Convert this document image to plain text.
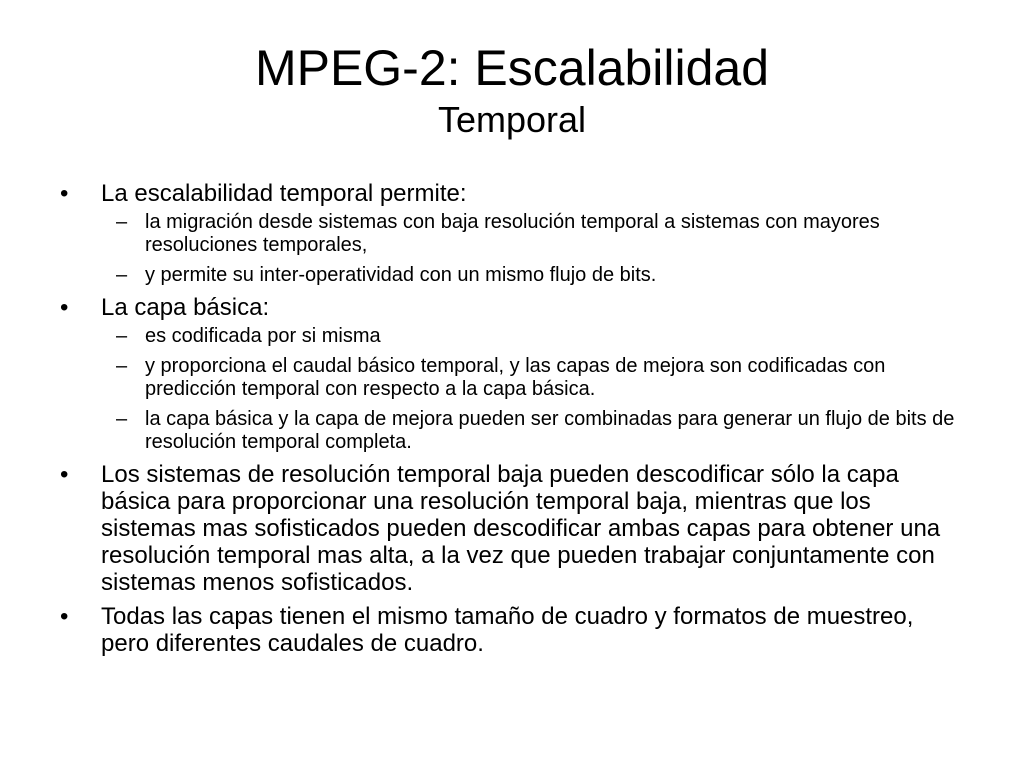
MPEG-2: Escalabilidad
Temporal
• La escalabilidad temporal permite:
– la migración desde sistemas con baja resolución temporal a sistemas con mayores resoluciones temporales,
– y permite su inter-operatividad con un mismo flujo de bits.
• La capa básica:
– es codificada por si misma
– y proporciona el caudal básico temporal, y las capas de mejora son codificadas con predicción temporal con respecto a la capa básica.
– la capa básica y la capa de mejora pueden ser combinadas para generar un flujo de bits de resolución temporal completa.
• Los sistemas de resolución temporal baja pueden descodificar sólo la capa básica para proporcionar una resolución temporal baja, mientras que los sistemas mas sofisticados pueden descodificar ambas capas para obtener una resolución temporal mas alta, a la vez que pueden trabajar conjuntamente con sistemas menos sofisticados.
• Todas las capas tienen el mismo tamaño de cuadro y formatos de muestreo, pero diferentes caudales de cuadro.
